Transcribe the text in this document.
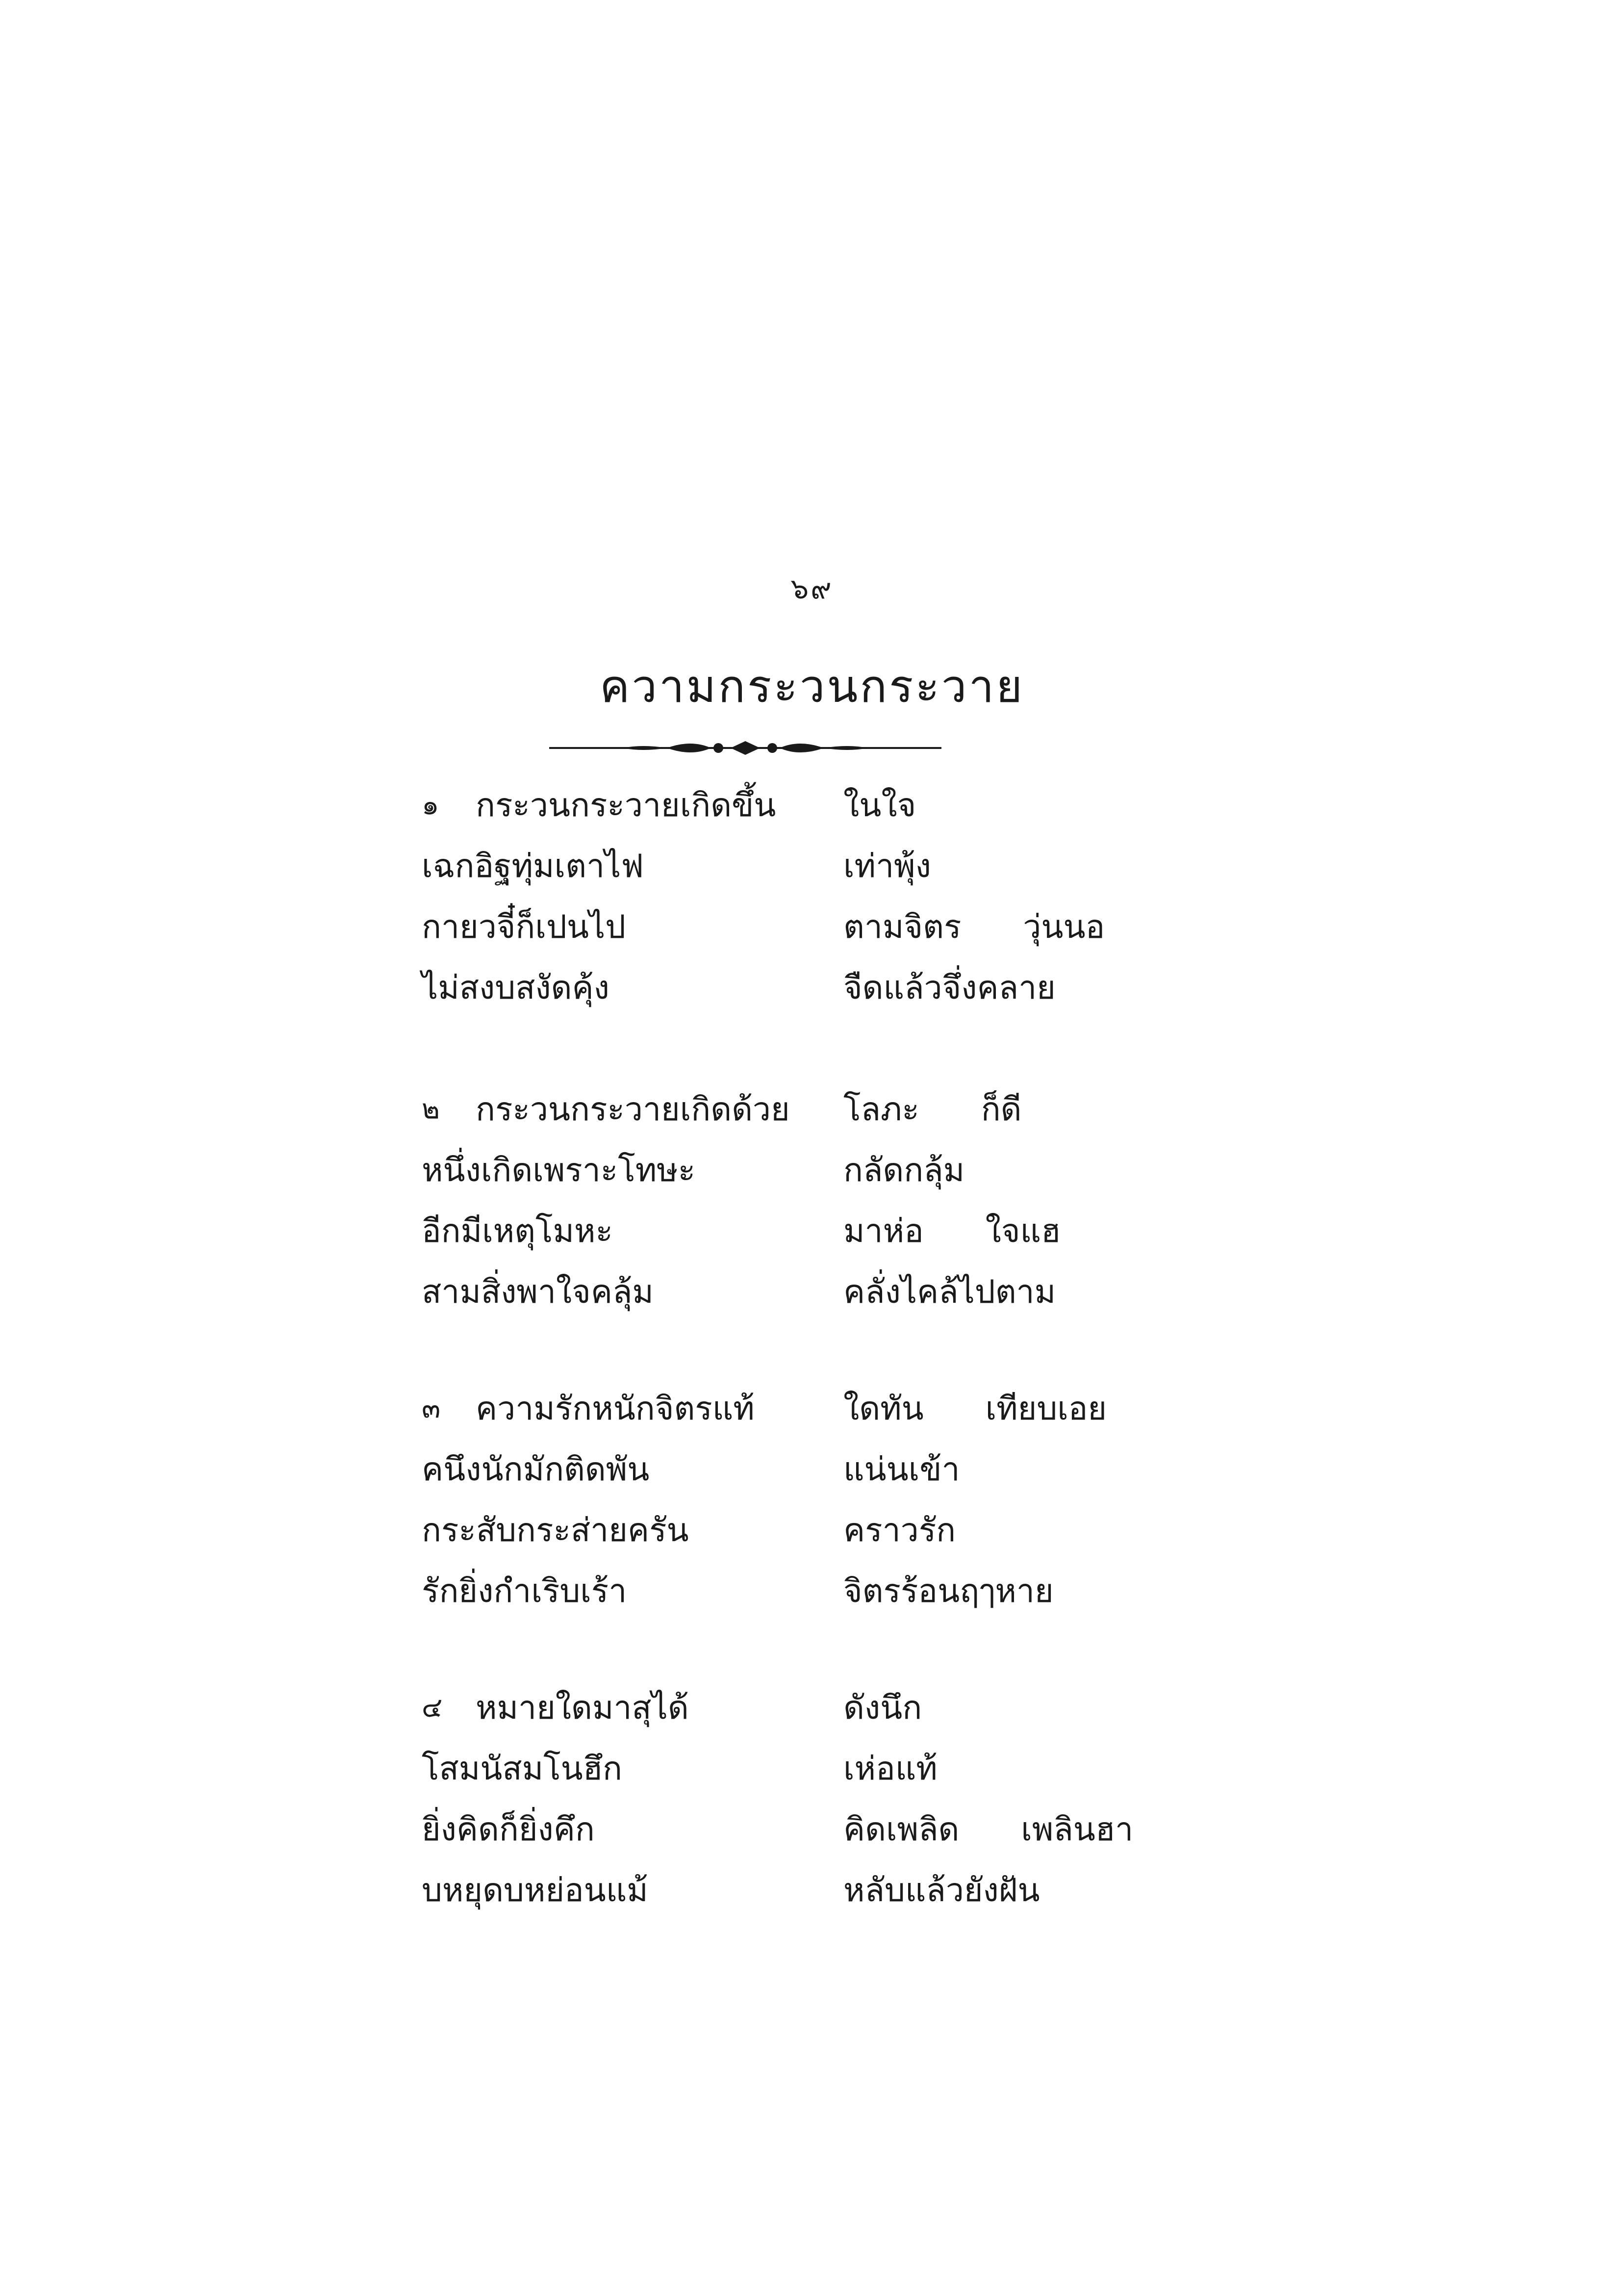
๖๙
ความกระวนกระวาย
๑	กระวนกระวายเกิดขึ้น ในใจ
เฉกอิฐทุ่มเตาไฟ	เท่าพุ้ง
กายวจี๋ก็เปนไป	ตามจิตร      วุ่นนอ
ไม่สงบสงัดคุ้ง	จืดแล้วจึ่งคลาย
๒	กระวนกระวายเกิดด้วย โลภะ      ก็ดี
หนึ่งเกิดเพราะโทษะ	กลัดกลุ้ม
อีกมีเหตุโมหะ	มาห่อ      ใจแฮ
สามสิ่งพาใจคลุ้ม	คลั่งไคล้ไปตาม
๓	ความรักหนักจิตรแท้	ใดทัน      เทียบเอย
คนึงนักมักติดพัน	แน่นเข้า
กระสับกระส่ายครัน	คราวรัก
รักยิ่งกำเริบเร้า	จิตรร้อนฤๅหาย
๔	หมายใดมาสุได้	ดังนึก
โสมนัสมโนฮึก	เห่อแท้
ยิ่งคิดก็ยิ่งคึก	คิดเพลิด      เพลินฮา
บหยุดบหย่อนแม้	หลับแล้วยังฝัน
